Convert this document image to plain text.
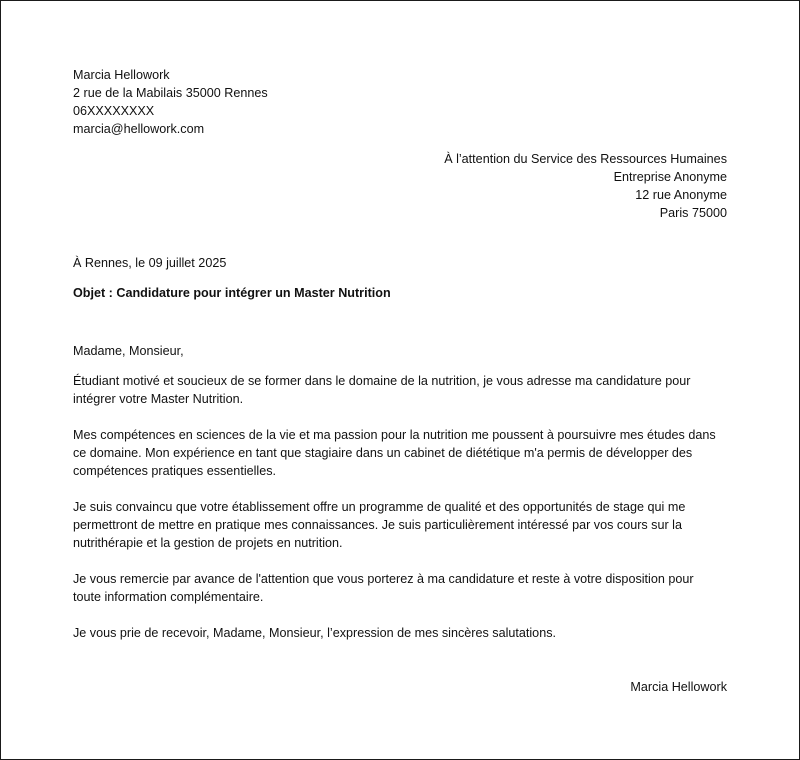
Marcia Hellowork
2 rue de la Mabilais 35000 Rennes
06XXXXXXXX
marcia@hellowork.com
À l’attention du Service des Ressources Humaines
Entreprise Anonyme
12 rue Anonyme
Paris 75000
À Rennes, le 09 juillet 2025
Objet : Candidature pour intégrer un Master Nutrition
Madame, Monsieur,
Étudiant motivé et soucieux de se former dans le domaine de la nutrition, je vous adresse ma candidature pour
intégrer votre Master Nutrition.
Mes compétences en sciences de la vie et ma passion pour la nutrition me poussent à poursuivre mes études dans
ce domaine. Mon expérience en tant que stagiaire dans un cabinet de diététique m'a permis de développer des
compétences pratiques essentielles.
Je suis convaincu que votre établissement offre un programme de qualité et des opportunités de stage qui me
permettront de mettre en pratique mes connaissances. Je suis particulièrement intéressé par vos cours sur la
nutrithérapie et la gestion de projets en nutrition.
Je vous remercie par avance de l'attention que vous porterez à ma candidature et reste à votre disposition pour
toute information complémentaire.
Je vous prie de recevoir, Madame, Monsieur, l’expression de mes sincères salutations.
Marcia Hellowork
